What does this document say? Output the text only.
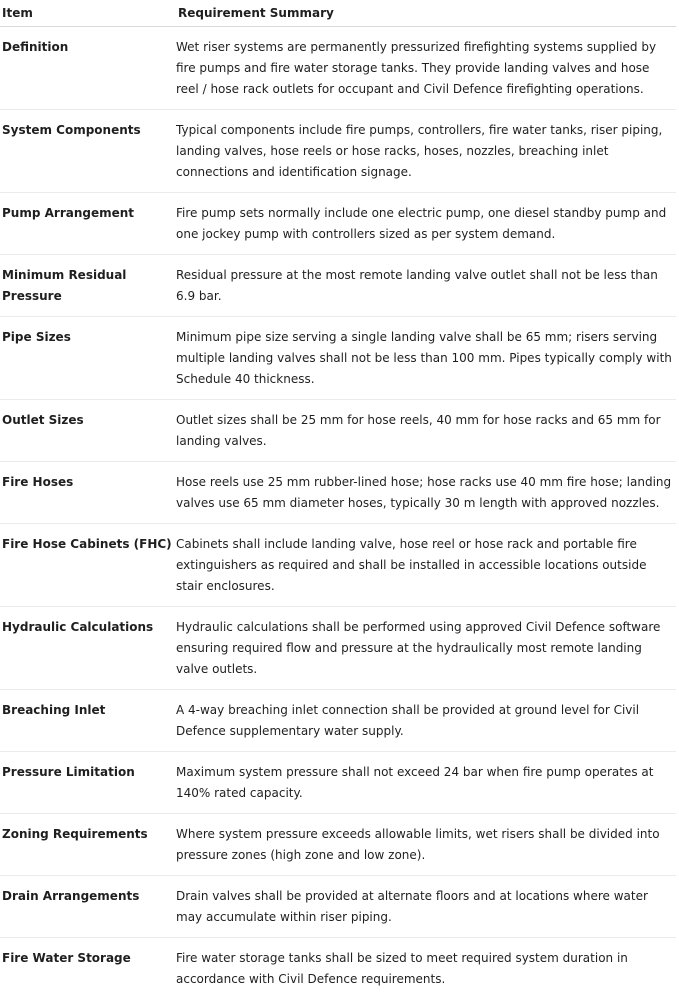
Item	Requirement Summary
Definition	Wet riser systems are permanently pressurized firefighting systems supplied by fire pumps and fire water storage tanks. They provide landing valves and hose reel / hose rack outlets for occupant and Civil Defence firefighting operations.
System Components	Typical components include fire pumps, controllers, fire water tanks, riser piping, landing valves, hose reels or hose racks, hoses, nozzles, breaching inlet connections and identification signage.
Pump Arrangement	Fire pump sets normally include one electric pump, one diesel standby pump and one jockey pump with controllers sized as per system demand.
Minimum Residual Pressure	Residual pressure at the most remote landing valve outlet shall not be less than 6.9 bar.
Pipe Sizes	Minimum pipe size serving a single landing valve shall be 65 mm; risers serving multiple landing valves shall not be less than 100 mm. Pipes typically comply with Schedule 40 thickness.
Outlet Sizes	Outlet sizes shall be 25 mm for hose reels, 40 mm for hose racks and 65 mm for landing valves.
Fire Hoses	Hose reels use 25 mm rubber-lined hose; hose racks use 40 mm fire hose; landing valves use 65 mm diameter hoses, typically 30 m length with approved nozzles.
Fire Hose Cabinets (FHC)	Cabinets shall include landing valve, hose reel or hose rack and portable fire extinguishers as required and shall be installed in accessible locations outside stair enclosures.
Hydraulic Calculations	Hydraulic calculations shall be performed using approved Civil Defence software ensuring required flow and pressure at the hydraulically most remote landing valve outlets.
Breaching Inlet	A 4-way breaching inlet connection shall be provided at ground level for Civil Defence supplementary water supply.
Pressure Limitation	Maximum system pressure shall not exceed 24 bar when fire pump operates at 140% rated capacity.
Zoning Requirements	Where system pressure exceeds allowable limits, wet risers shall be divided into pressure zones (high zone and low zone).
Drain Arrangements	Drain valves shall be provided at alternate floors and at locations where water may accumulate within riser piping.
Fire Water Storage	Fire water storage tanks shall be sized to meet required system duration in accordance with Civil Defence requirements.
